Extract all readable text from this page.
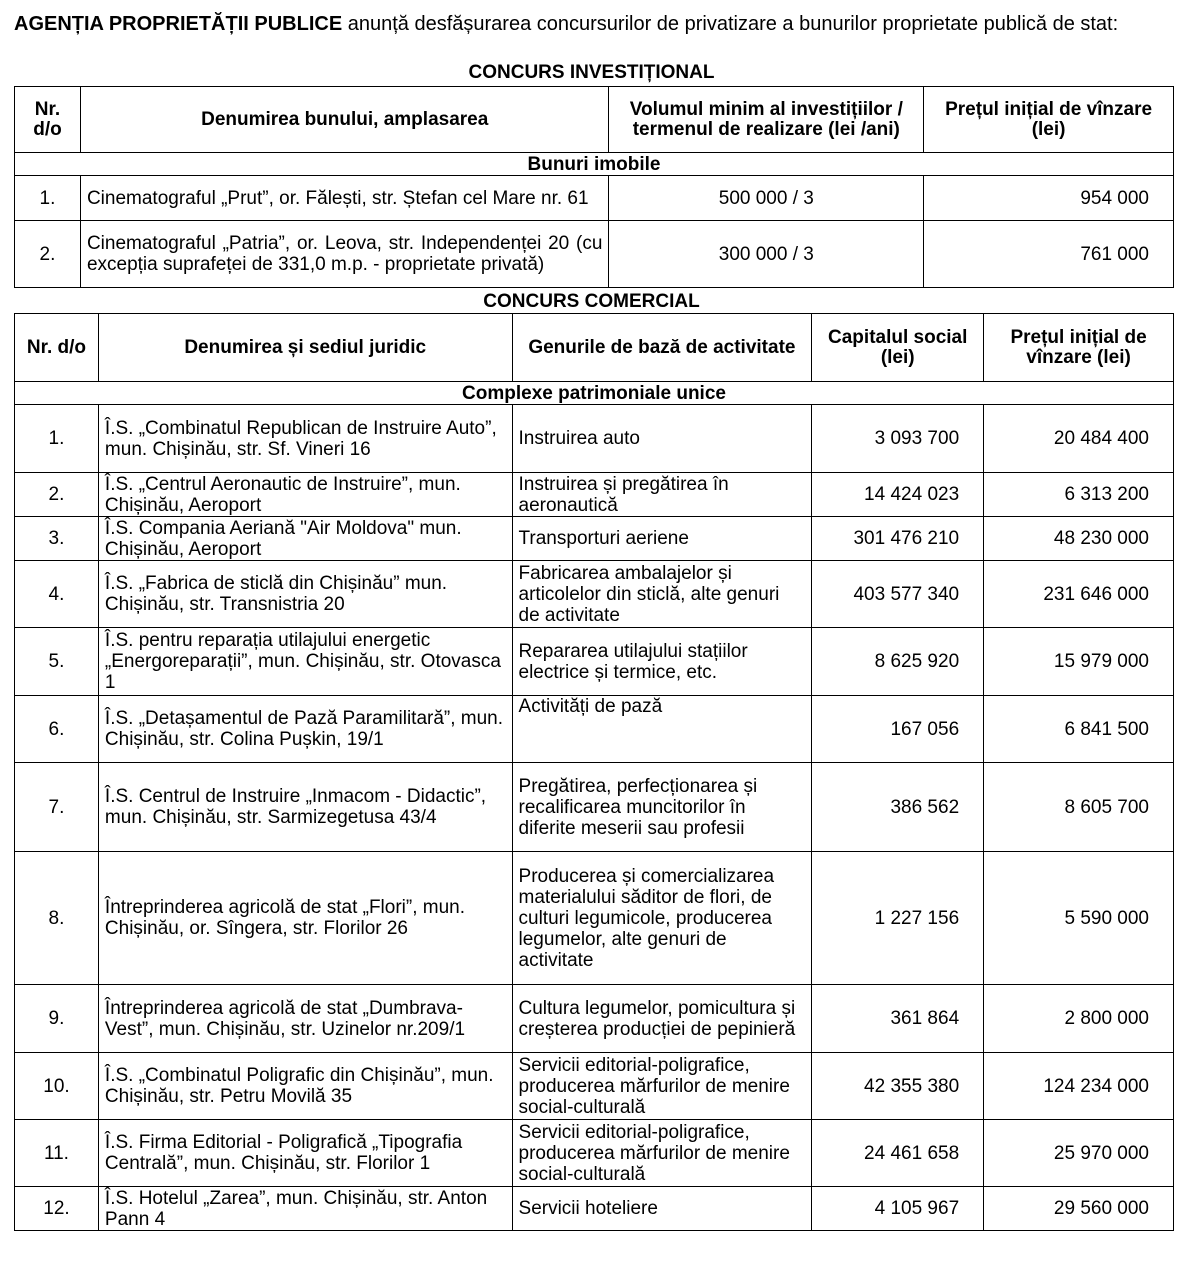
AGENȚIA PROPRIETĂȚII PUBLICE anunță desfășurarea concursurilor de privatizare a bunurilor proprietate publică de stat:
CONCURS INVESTIȚIONAL
Nr. d/o	Denumirea bunului, amplasarea	Volumul minim al investițiilor / termenul de realizare (lei /ani)	Prețul inițial de vînzare (lei)
Bunuri imobile			
1.	Cinematograful „Prut”, or. Fălești, str. Ștefan cel Mare nr. 61	500 000 / 3	954 000
2.	Cinematograful „Patria”, or. Leova, str. Independenței 20 (cu excepția suprafeței de 331,0 m.p. - proprietate privată)	300 000 / 3	761 000
CONCURS COMERCIAL
Nr. d/o	Denumirea și sediul juridic	Genurile de bază de activitate	Capitalul social (lei)	Prețul inițial de vînzare (lei)
Complexe patrimoniale unice				
1.	Î.S. „Combinatul Republican de Instruire Auto”, mun. Chișinău, str. Sf. Vineri 16	Instruirea auto	3 093 700	20 484 400
2.	Î.S. „Centrul Aeronautic de Instruire”, mun. Chișinău, Aeroport	Instruirea și pregătirea în aeronautică	14 424 023	6 313 200
3.	Î.S. Compania Aeriană "Air Moldova" mun. Chișinău, Aeroport	Transporturi aeriene	301 476 210	48 230 000
4.	Î.S. „Fabrica de sticlă din Chișinău” mun. Chișinău, str. Transnistria 20	Fabricarea ambalajelor și articolelor din sticlă, alte genuri de activitate	403 577 340	231 646 000
5.	Î.S. pentru reparația utilajului energetic „Energoreparații”, mun. Chișinău, str. Otovasca 1	Repararea utilajului stațiilor electrice și termice, etc.	8 625 920	15 979 000
6.	Î.S. „Detașamentul de Pază Paramilitară”, mun. Chișinău, str. Colina Pușkin, 19/1	Activități de pază	167 056	6 841 500
7.	Î.S. Centrul de Instruire „Inmacom - Didactic”, mun. Chișinău, str. Sarmizegetusa 43/4	Pregătirea, perfecționarea și recalificarea muncitorilor în diferite meserii sau profesii	386 562	8 605 700
8.	Întreprinderea agricolă de stat „Flori”, mun. Chișinău, or. Sîngera, str. Florilor 26	Producerea și comercializarea materialului săditor de flori, de culturi legumicole, producerea legumelor, alte genuri de activitate	1 227 156	5 590 000
9.	Întreprinderea agricolă de stat „Dumbrava-Vest”, mun. Chișinău, str. Uzinelor nr.209/1	Cultura legumelor, pomicultura și creșterea producției de pepinieră	361 864	2 800 000
10.	Î.S. „Combinatul Poligrafic din Chișinău”, mun. Chișinău, str. Petru Movilă 35	Servicii editorial-poligrafice, producerea mărfurilor de menire social-culturală	42 355 380	124 234 000
11.	Î.S. Firma Editorial - Poligrafică „Tipografia Centrală”, mun. Chișinău, str. Florilor 1	Servicii editorial-poligrafice, producerea mărfurilor de menire social-culturală	24 461 658	25 970 000
12.	Î.S. Hotelul „Zarea”, mun. Chișinău, str. Anton Pann 4	Servicii hoteliere	4 105 967	29 560 000
